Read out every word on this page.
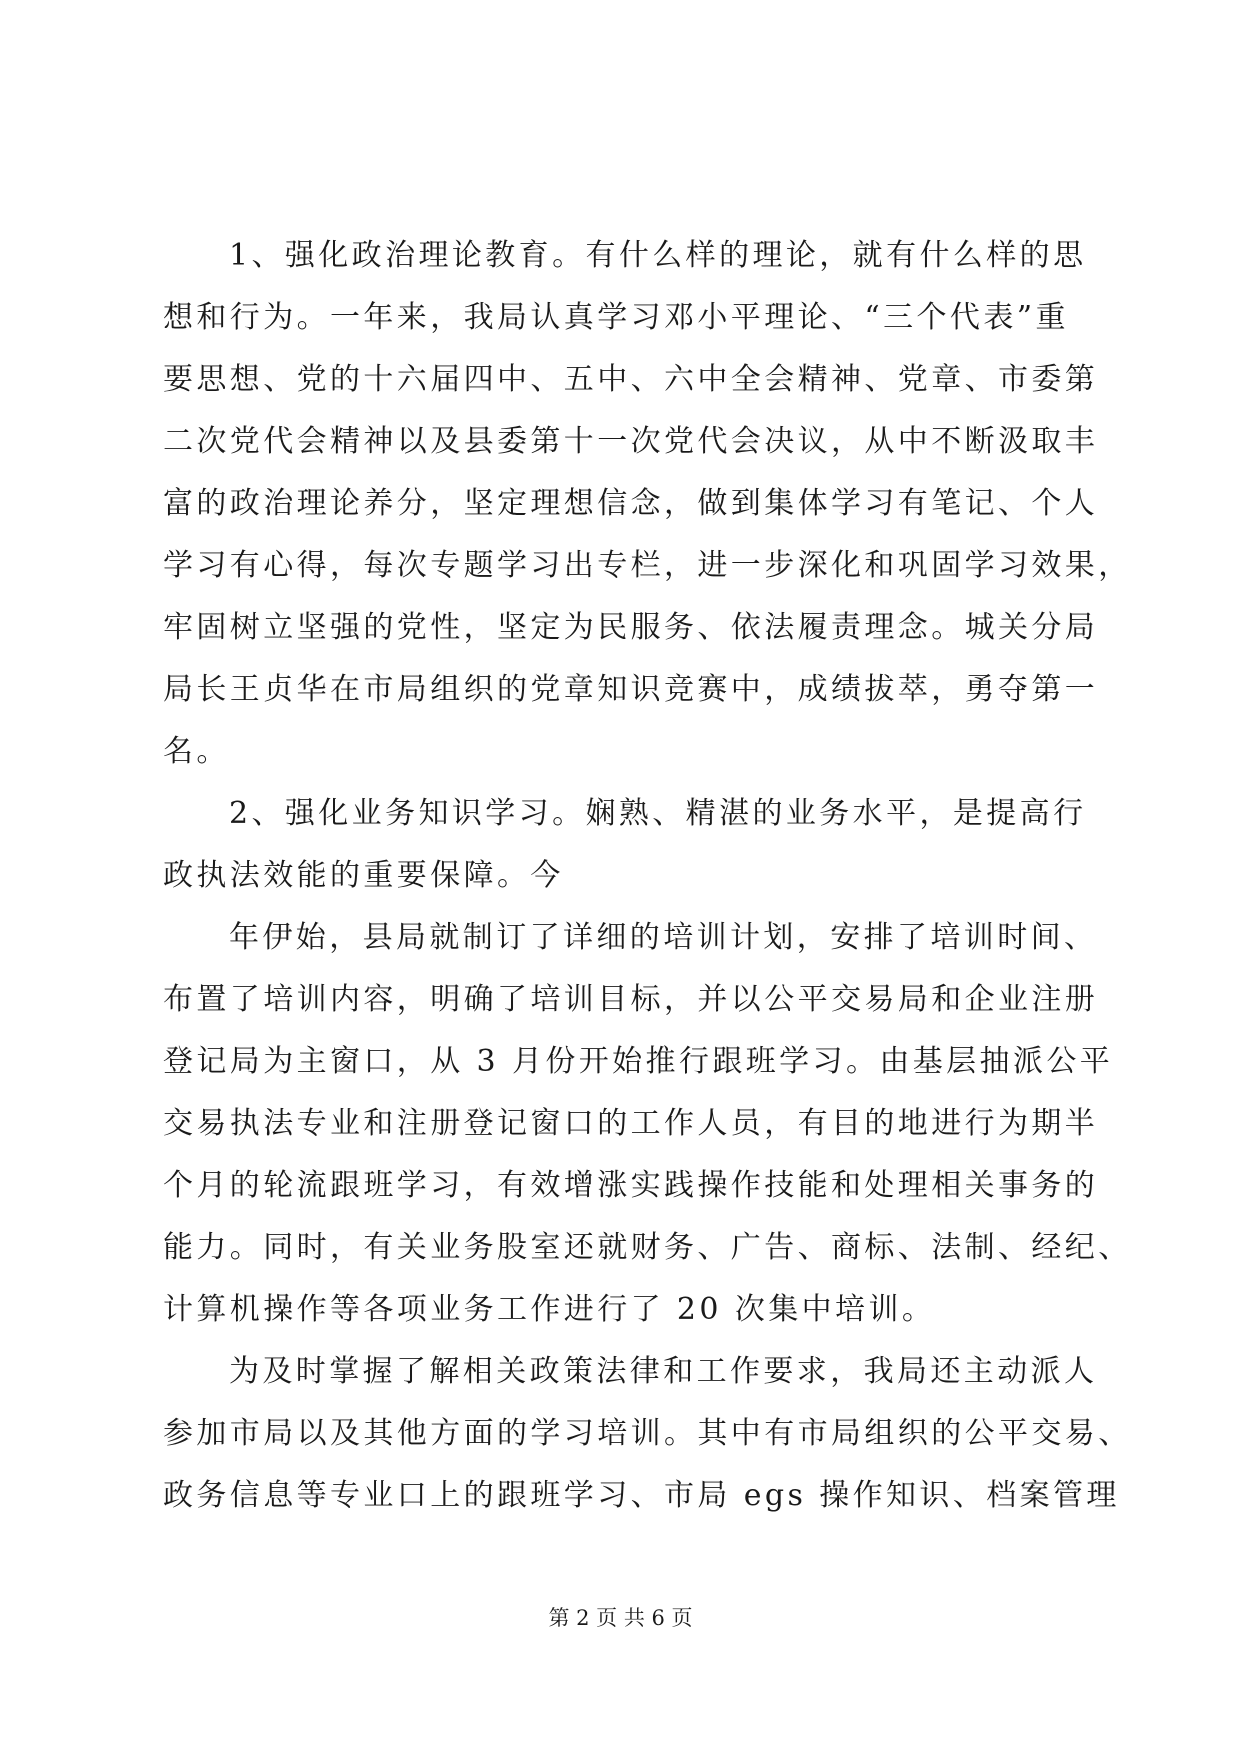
1、强化政治理论教育。有什么样的理论，就有什么样的思
想和行为。一年来，我局认真学习邓小平理论、“三个代表”重
要思想、党的十六届四中、五中、六中全会精神、党章、市委第
二次党代会精神以及县委第十一次党代会决议，从中不断汲取丰
富的政治理论养分，坚定理想信念，做到集体学习有笔记、个人
学习有心得，每次专题学习出专栏，进一步深化和巩固学习效果，
牢固树立坚强的党性，坚定为民服务、依法履责理念。城关分局
局长王贞华在市局组织的党章知识竞赛中，成绩拔萃，勇夺第一
名。
2、强化业务知识学习。娴熟、精湛的业务水平，是提高行
政执法效能的重要保障。今
年伊始，县局就制订了详细的培训计划，安排了培训时间、
布置了培训内容，明确了培训目标，并以公平交易局和企业注册
登记局为主窗口，从 3 月份开始推行跟班学习。由基层抽派公平
交易执法专业和注册登记窗口的工作人员，有目的地进行为期半
个月的轮流跟班学习，有效增涨实践操作技能和处理相关事务的
能力。同时，有关业务股室还就财务、广告、商标、法制、经纪、
计算机操作等各项业务工作进行了 20 次集中培训。
为及时掌握了解相关政策法律和工作要求，我局还主动派人
参加市局以及其他方面的学习培训。其中有市局组织的公平交易、
政务信息等专业口上的跟班学习、市局 egs 操作知识、档案管理
第 2 页 共 6 页
